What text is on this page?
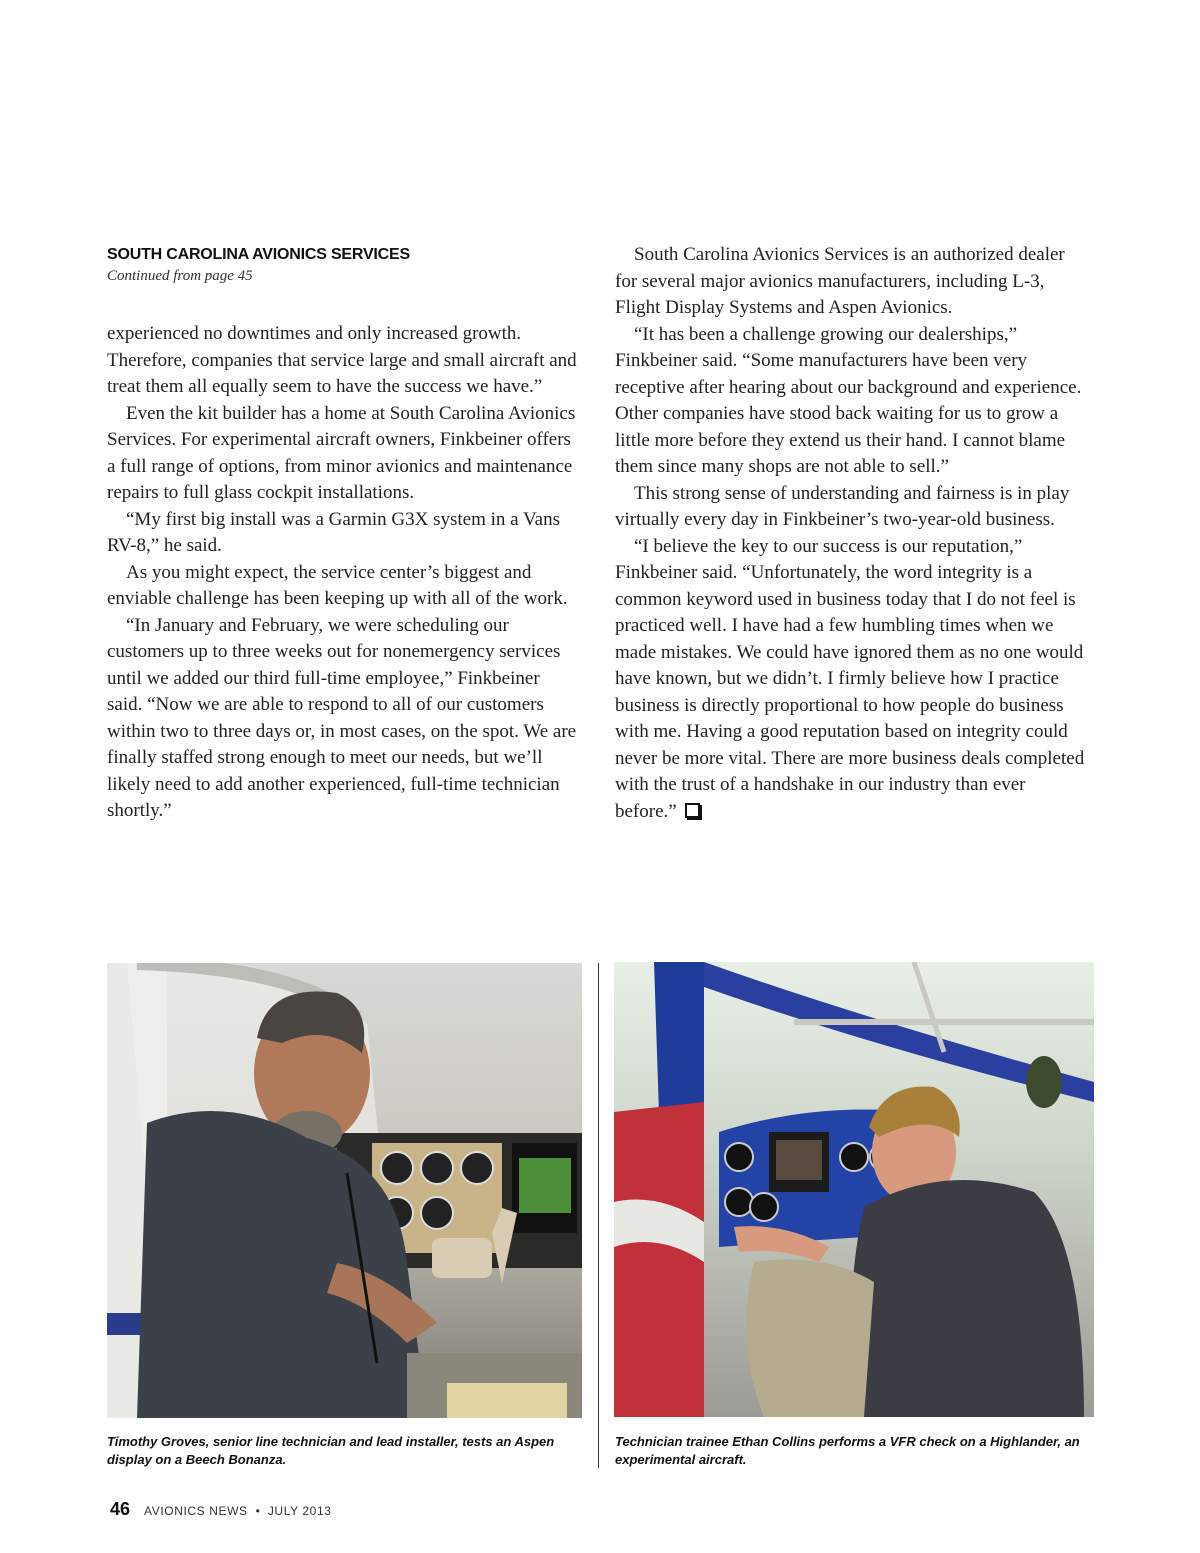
SOUTH CAROLINA AVIONICS SERVICES

Continued from page 45

experienced no downtimes and only increased growth. Therefore, companies that service large and small aircraft and treat them all equally seem to have the success we have.”

Even the kit builder has a home at South Carolina Avionics Services. For experimental aircraft owners, Finkbeiner offers a full range of options, from minor avionics and maintenance repairs to full glass cockpit installations.

“My first big install was a Garmin G3X system in a Vans RV-8,” he said.

As you might expect, the service center’s biggest and enviable challenge has been keeping up with all of the work.

“In January and February, we were scheduling our customers up to three weeks out for nonemergency services until we added our third full-time employee,” Finkbeiner said. “Now we are able to respond to all of our customers within two to three days or, in most cases, on the spot. We are finally staffed strong enough to meet our needs, but we’ll likely need to add another experienced, full-time technician shortly.”

South Carolina Avionics Services is an authorized dealer for several major avionics manufacturers, including L-3, Flight Display Systems and Aspen Avionics.

“It has been a challenge growing our dealerships,” Finkbeiner said. “Some manufacturers have been very receptive after hearing about our background and experience. Other companies have stood back waiting for us to grow a little more before they extend us their hand. I cannot blame them since many shops are not able to sell.”

This strong sense of understanding and fairness is in play virtually every day in Finkbeiner’s two-year-old business.

“I believe the key to our success is our reputation,” Finkbeiner said. “Unfortunately, the word integrity is a common keyword used in business today that I do not feel is practiced well. I have had a few humbling times when we made mistakes. We could have ignored them as no one would have known, but we didn’t. I firmly believe how I practice business is directly proportional to how people do business with me. Having a good reputation based on integrity could never be more vital. There are more business deals completed with the trust of a handshake in our industry than ever before.”

Timothy Groves, senior line technician and lead installer, tests an Aspen display on a Beech Bonanza.

Technician trainee Ethan Collins performs a VFR check on a Highlander, an experimental aircraft.

46 AVIONICS NEWS • JULY 2013
